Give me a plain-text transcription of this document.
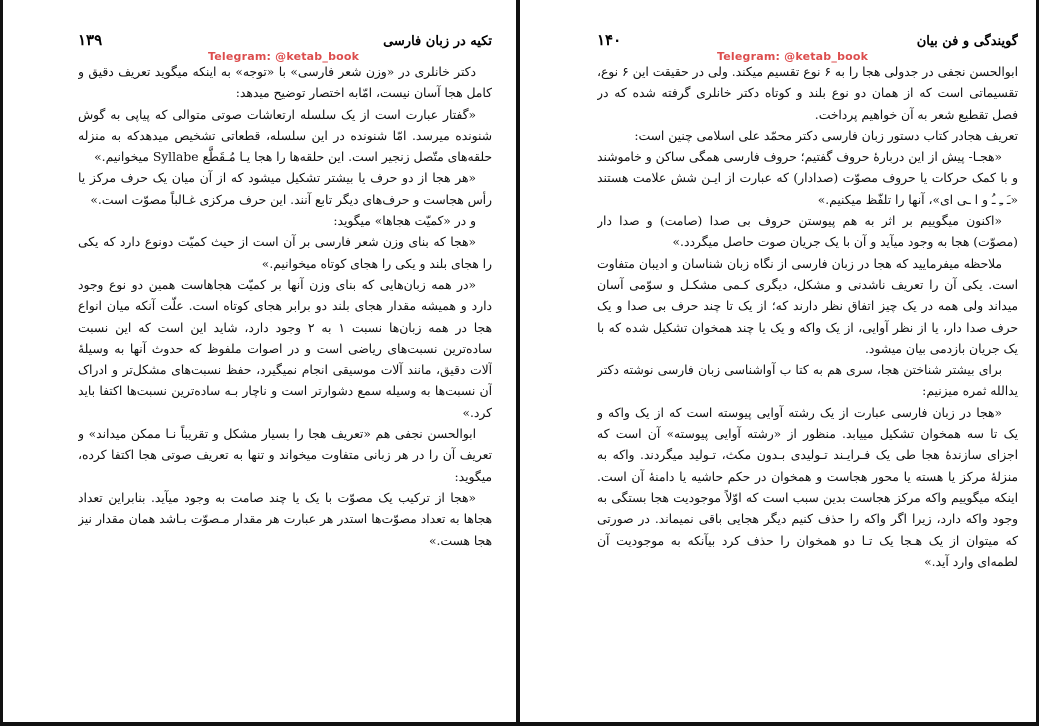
تکیه در زبان فارسی
۱۳۹
Telegram: @ketab_book

دکتر خانلری در «وزن شعر فارسی» با «توجه» به اینکه میگوید تعریف دقیق و کامل هجا آسان نیست، امّابه اختصار توضیح میدهد:

«گفتار عبارت است از یک سلسله ارتعاشات صوتی متوالی که پیاپی به گوش شنونده میرسد. امّا شنونده در این سلسله، قطعاتی تشخیص میدهدکه به منزله حلقه‌های متّصل زنجیر است. این حلقه‌ها را هجا یـا مُـقَطَّع Syllabe میخوانیم.»

«هر هجا از دو حرف یا بیشتر تشکیل میشود که از آن میان یک حرف مرکز یا رأس هجاست و حرف‌های دیگر تابع آنند. این حرف مرکزی غـالباً مصوّت است.»

و در «کمیّت هجاها» میگوید:

«هجا که بنای وزن شعر فارسی بر آن است از حیث کمیّت دونوع دارد که یکی را هجای بلند و یکی را هجای کوتاه میخوانیم.»

«در همه زبان‌هایی که بنای وزن آنها بر کمیّت هجاهاست همین دو نوع وجود دارد و همیشه مقدار هجای بلند دو برابر هجای کوتاه است. علّت آنکه میان انواع هجا در همه زبان‌ها نسبت ۱ به ۲ وجود دارد، شاید این است که این نسبت ساده‌ترین نسبت‌های ریاضی است و در اصوات ملفوظ که حدوث آنها به وسیلهٔ آلات دقیق، مانند آلات موسیقی انجام نمیگیرد، حفظ نسبت‌های مشکل‌تر و ادراک آن نسبت‌ها به وسیله سمع دشوارتر است و ناچار بـه ساده‌ترین نسبت‌ها اکتفا باید کرد.»

ابوالحسن نجفی هم «تعریف هجا را بسیار مشکل و تقریباً نـا ممکن میداند» و تعریف آن را در هر زبانی متفاوت میخواند و تنها به تعریف صوتی هجا اکتفا کرده، میگوید:

«هجا از ترکیب یک مصوّت با یک یا چند صامت به وجود میآید. بنابراین تعداد هجاها به تعداد مصوّت‌ها استدر هر عبارت هر مقدار مـصوّت بـاشد همان مقدار نیز هجا هست.»

گویندگی و فن بیان
۱۴۰
Telegram: @ketab_book

ابوالحسن نجفی در جدولی هجا را به ۶ نوع تقسیم میکند. ولی در حقیقت این ۶ نوع، تقسیماتی است که از همان دو نوع بلند و کوتاه دکتر خانلری گرفته شده که در فصل تقطیع شعر به آن خواهیم پرداخت.

تعریف هجادر کتاب دستور زبان فارسی دکتر محمّد علی اسلامی چنین است:

«هجـا- پیش از این دربارهٔ حروف گفتیم؛ حروف فارسی همگی ساکن و خاموشند و با کمک حرکات یا حروف مصوّت (صدادار) که عبارت از ایـن شش علامت هستند «ـَ ـِ ـُ و ا ـی ای»، آنها را تلفّظ میکنیم.»

«اکنون میگوییم بر اثر به هم پیوستن حروف بی صدا (صامت) و صدا دار (مصوّت) هجا به وجود میآید و آن با یک جریان صوت حاصل میگردد.»

ملاحظه میفرمایید که هجا در زبان فارسی از نگاه زبان شناسان و ادیبان متفاوت است. یکی آن را تعریف ناشدنی و مشکل، دیگری کـمی مشکـل و سوّمی آسان میداند ولی همه در یک چیز اتفاق نظر دارند که؛ از یک تا چند حرف بی صدا و یک حرف صدا دار، یا از نظر آوایی، از یک واکه و یک یا چند همخوان تشکیل شده که با یک جریان بازدمی بیان میشود.

برای بیشتر شناختن هجا، سری هم به کتا ب آواشناسی زبان فارسی نوشته دکتر یدالله ثمره میزنیم:

«هجا در زبان فارسی عبارت از یک رشته آوایی پیوسته است که از یک واکه و یک تا سه همخوان تشکیل مییابد. منظور از «رشته آوایی پیوسته» آن است که اجزای سازندهٔ هجا طی یک فـرایـند تـولیدی بـدون مکث، تـولید میگردند. واکه به منزلهٔ مرکز یا هسته یا محور هجاست و همخوان در حکم حاشیه یا دامنهٔ آن است. اینکه میگوییم واکه مرکز هجاست بدین سبب است که اوّلاً موجودیت هجا بستگی به وجود واکه دارد، زیرا اگر واکه را حذف کنیم دیگر هجایی باقی نمیماند. در صورتی که میتوان از یک هـجا یک تـا دو همخوان را حذف کرد بیآنکه به موجودیت آن لطمه‌ای وارد آید.»
